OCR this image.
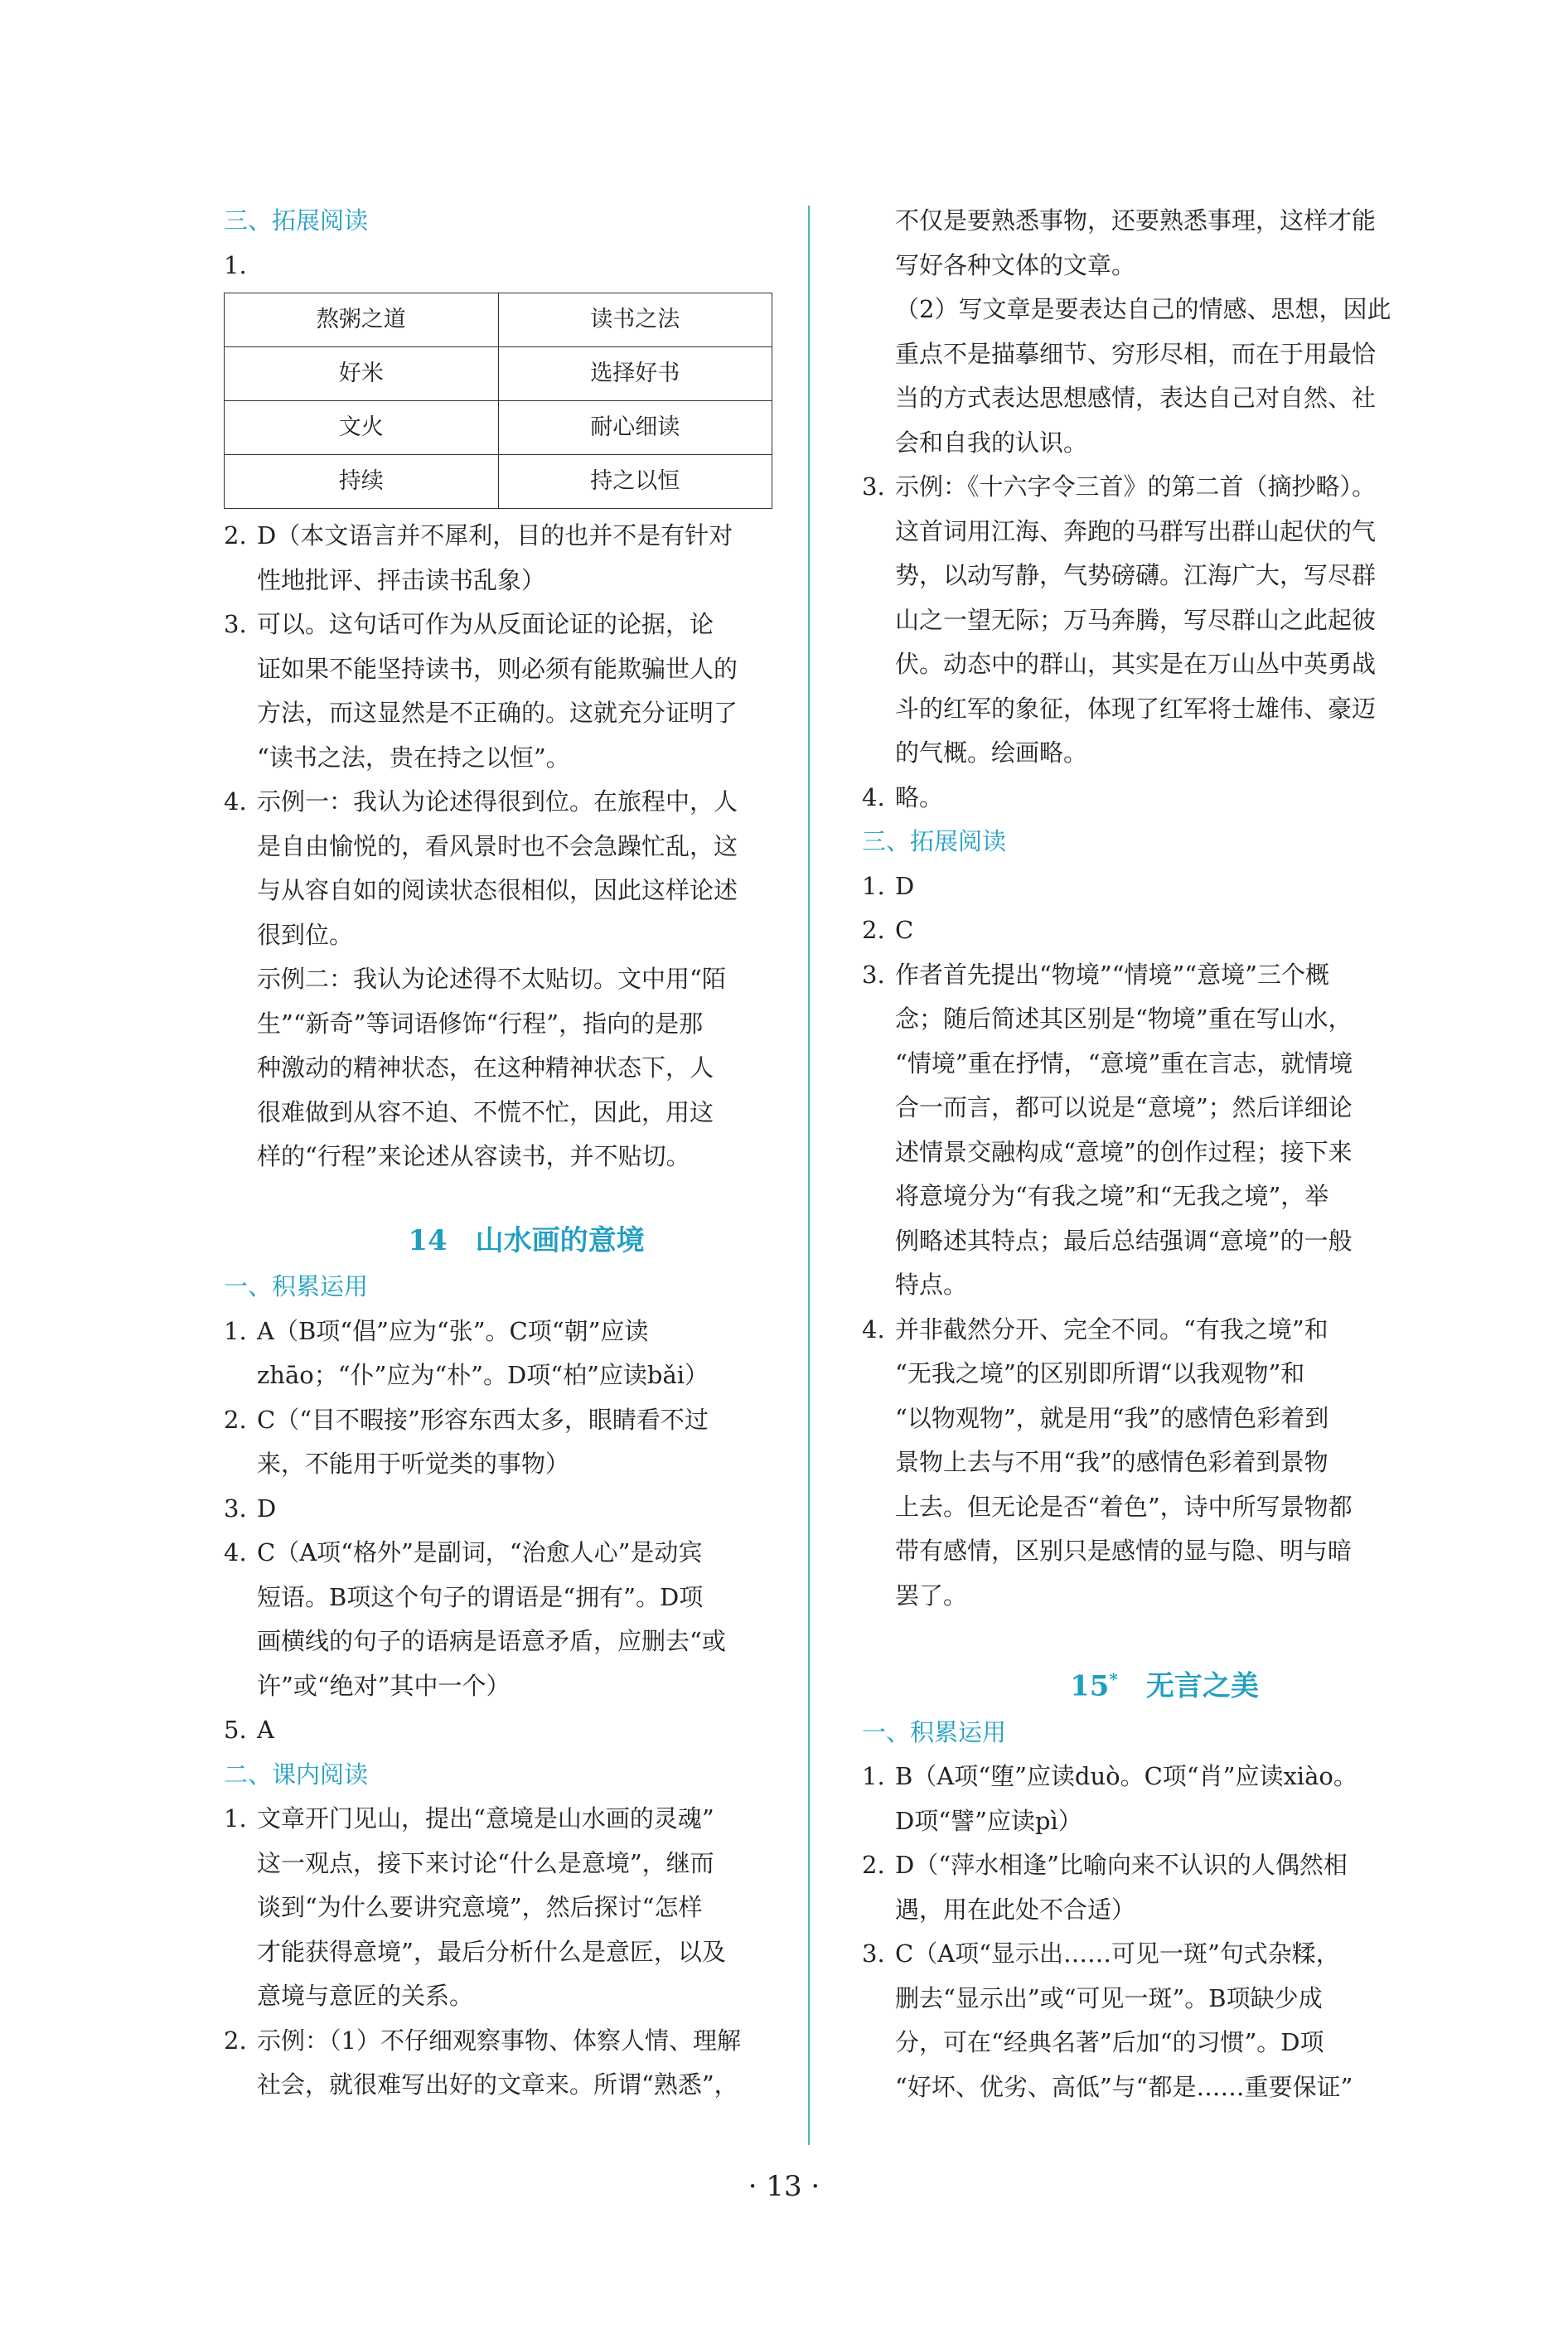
三、拓展阅读
1.
熬粥之道	读书之法
好米	选择好书
文火	耐心细读
持续	持之以恒
2. D（本文语言并不犀利，目的也并不是有针对
性地批评、抨击读书乱象）
3. 可以。这句话可作为从反面论证的论据，论
证如果不能坚持读书，则必须有能欺骗世人的
方法，而这显然是不正确的。这就充分证明了
“读书之法，贵在持之以恒”。
4. 示例一：我认为论述得很到位。在旅程中，人
是自由愉悦的，看风景时也不会急躁忙乱，这
与从容自如的阅读状态很相似，因此这样论述
很到位。
示例二：我认为论述得不太贴切。文中用“陌
生”“新奇”等词语修饰“行程”，指向的是那
种激动的精神状态，在这种精神状态下，人
很难做到从容不迫、不慌不忙，因此，用这
样的“行程”来论述从容读书，并不贴切。
14　山水画的意境
一、积累运用
1. A（B项“倡”应为“张”。C项“朝”应读
zhāo；“仆”应为“朴”。D项“柏”应读bǎi）
2. C（“目不暇接”形容东西太多，眼睛看不过
来，不能用于听觉类的事物）
3. D
4. C（A项“格外”是副词，“治愈人心”是动宾
短语。B项这个句子的谓语是“拥有”。D项
画横线的句子的语病是语意矛盾，应删去“或
许”或“绝对”其中一个）
5. A
二、课内阅读
1. 文章开门见山，提出“意境是山水画的灵魂”
这一观点，接下来讨论“什么是意境”，继而
谈到“为什么要讲究意境”，然后探讨“怎样
才能获得意境”，最后分析什么是意匠，以及
意境与意匠的关系。
2. 示例：（1）不仔细观察事物、体察人情、理解
社会，就很难写出好的文章来。所谓“熟悉”，
不仅是要熟悉事物，还要熟悉事理，这样才能
写好各种文体的文章。
（2）写文章是要表达自己的情感、思想，因此
重点不是描摹细节、穷形尽相，而在于用最恰
当的方式表达思想感情，表达自己对自然、社
会和自我的认识。
3. 示例：《十六字令三首》的第二首（摘抄略）。
这首词用江海、奔跑的马群写出群山起伏的气
势，以动写静，气势磅礴。江海广大，写尽群
山之一望无际；万马奔腾，写尽群山之此起彼
伏。动态中的群山，其实是在万山丛中英勇战
斗的红军的象征，体现了红军将士雄伟、豪迈
的气概。绘画略。
4. 略。
三、拓展阅读
1. D
2. C
3. 作者首先提出“物境”“情境”“意境”三个概
念；随后简述其区别是“物境”重在写山水，
“情境”重在抒情，“意境”重在言志，就情境
合一而言，都可以说是“意境”；然后详细论
述情景交融构成“意境”的创作过程；接下来
将意境分为“有我之境”和“无我之境”，举
例略述其特点；最后总结强调“意境”的一般
特点。
4. 并非截然分开、完全不同。“有我之境”和
“无我之境”的区别即所谓“以我观物”和
“以物观物”，就是用“我”的感情色彩着到
景物上去与不用“我”的感情色彩着到景物
上去。但无论是否“着色”，诗中所写景物都
带有感情，区别只是感情的显与隐、明与暗
罢了。
15*　无言之美
一、积累运用
1. B（A项“堕”应读duò。C项“肖”应读xiào。
D项“譬”应读pì）
2. D（“萍水相逢”比喻向来不认识的人偶然相
遇，用在此处不合适）
3. C（A项“显示出……可见一斑”句式杂糅，
删去“显示出”或“可见一斑”。B项缺少成
分，可在“经典名著”后加“的习惯”。D项
“好坏、优劣、高低”与“都是……重要保证”
· 13 ·
